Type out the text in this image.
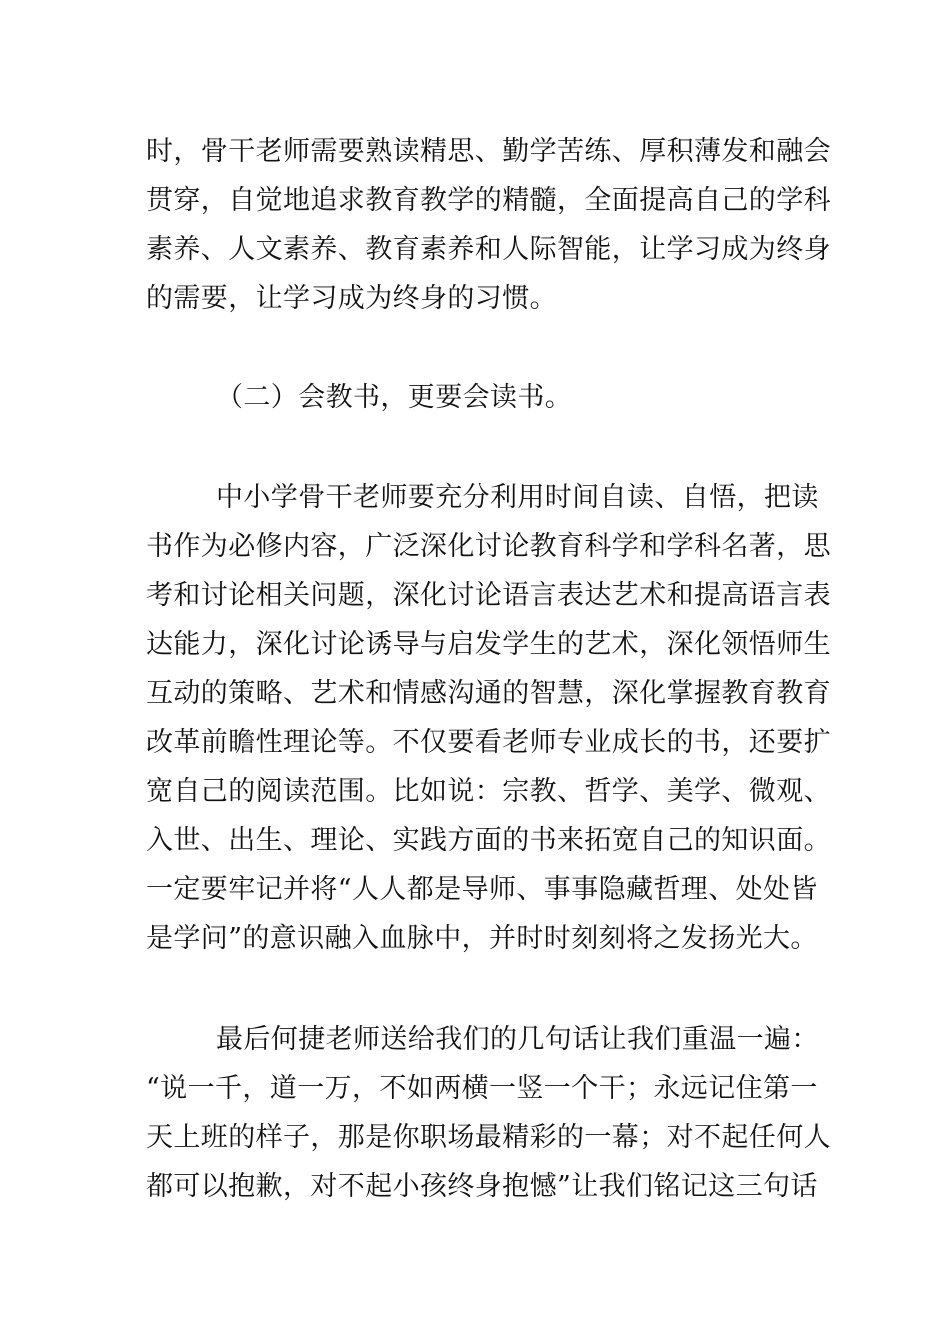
时，骨干老师需要熟读精思、勤学苦练、厚积薄发和融会
贯穿，自觉地追求教育教学的精髓，全面提高自己的学科
素养、人文素养、教育素养和人际智能，让学习成为终身
的需要，让学习成为终身的习惯。
（二）会教书，更要会读书。
中小学骨干老师要充分利用时间自读、自悟，把读
书作为必修内容，广泛深化讨论教育科学和学科名著，思
考和讨论相关问题，深化讨论语言表达艺术和提高语言表
达能力，深化讨论诱导与启发学生的艺术，深化领悟师生
互动的策略、艺术和情感沟通的智慧，深化掌握教育教育
改革前瞻性理论等。不仅要看老师专业成长的书，还要扩
宽自己的阅读范围。比如说：宗教、哲学、美学、微观、
入世、出生、理论、实践方面的书来拓宽自己的知识面。
一定要牢记并将“人人都是导师、事事隐藏哲理、处处皆
是学问”的意识融入血脉中，并时时刻刻将之发扬光大。
最后何捷老师送给我们的几句话让我们重温一遍：
“说一千，道一万，不如两横一竖一个干；永远记住第一
天上班的样子，那是你职场最精彩的一幕；对不起任何人
都可以抱歉，对不起小孩终身抱憾”让我们铭记这三句话
